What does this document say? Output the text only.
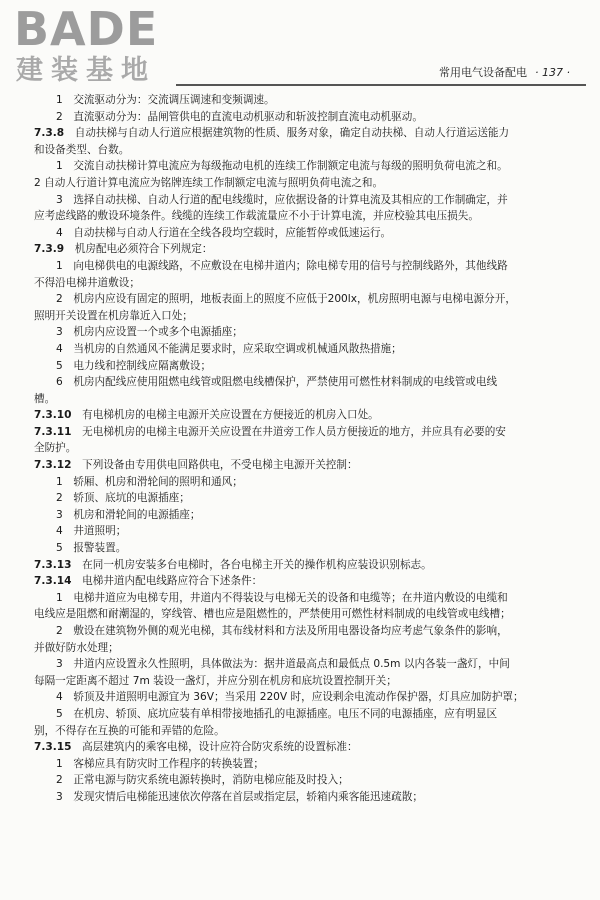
BADE
建装基地	常用电气设备配电 · 137 ·
1　交流驱动分为：交流调压调速和变频调速。
2　直流驱动分为：晶闸管供电的直流电动机驱动和斩波控制直流电动机驱动。
7.3.8　自动扶梯与自动人行道应根据建筑物的性质、服务对象，确定自动扶梯、自动人行道运送能力
和设备类型、台数。
1　交流自动扶梯计算电流应为每级拖动电机的连续工作制额定电流与每级的照明负荷电流之和。
2 自动人行道计算电流应为铭牌连续工作制额定电流与照明负荷电流之和。
3　选择自动扶梯、自动人行道的配电线缆时，应依据设备的计算电流及其相应的工作制确定，并
应考虑线路的敷设环境条件。线缆的连续工作载流量应不小于计算电流，并应校验其电压损失。
4　自动扶梯与自动人行道在全线各段均空载时，应能暂停或低速运行。
7.3.9　机房配电必须符合下列规定：
1　向电梯供电的电源线路，不应敷设在电梯井道内；除电梯专用的信号与控制线路外，其他线路
不得沿电梯井道敷设；
2　机房内应设有固定的照明，地板表面上的照度不应低于200lx，机房照明电源与电梯电源分开，
照明开关设置在机房靠近入口处；
3　机房内应设置一个或多个电源插座；
4　当机房的自然通风不能满足要求时，应采取空调或机械通风散热措施；
5　电力线和控制线应隔离敷设；
6　机房内配线应使用阻燃电线管或阻燃电线槽保护，严禁使用可燃性材料制成的电线管或电线
槽。
7.3.10　有电梯机房的电梯主电源开关应设置在方便接近的机房入口处。
7.3.11　无电梯机房的电梯主电源开关应设置在井道旁工作人员方便接近的地方，并应具有必要的安
全防护。
7.3.12　下列设备由专用供电回路供电，不受电梯主电源开关控制：
1　轿厢、机房和滑轮间的照明和通风；
2　轿顶、底坑的电源插座；
3　机房和滑轮间的电源插座；
4　井道照明；
5　报警装置。
7.3.13　在同一机房安装多台电梯时，各台电梯主开关的操作机构应装设识别标志。
7.3.14　电梯井道内配电线路应符合下述条件：
1　电梯井道应为电梯专用，井道内不得装设与电梯无关的设备和电缆等；在井道内敷设的电缆和
电线应是阻燃和耐潮湿的，穿线管、槽也应是阻燃性的，严禁使用可燃性材料制成的电线管或电线槽；
2　敷设在建筑物外侧的观光电梯，其布线材料和方法及所用电器设备均应考虑气象条件的影响，
并做好防水处理；
3　井道内应设置永久性照明，具体做法为：据井道最高点和最低点 0.5m 以内各装一盏灯，中间
每隔一定距离不超过 7m 装设一盏灯，并应分别在机房和底坑设置控制开关；
4　轿顶及井道照明电源宜为 36V；当采用 220V 时，应设剩余电流动作保护器，灯具应加防护罩；
5　在机房、轿顶、底坑应装有单相带接地插孔的电源插座。电压不同的电源插座，应有明显区
别，不得存在互换的可能和弄错的危险。
7.3.15　高层建筑内的乘客电梯，设计应符合防灾系统的设置标准：
1　客梯应具有防灾时工作程序的转换装置；
2　正常电源与防灾系统电源转换时，消防电梯应能及时投入；
3　发现灾情后电梯能迅速依次停落在首层或指定层，轿箱内乘客能迅速疏散；
